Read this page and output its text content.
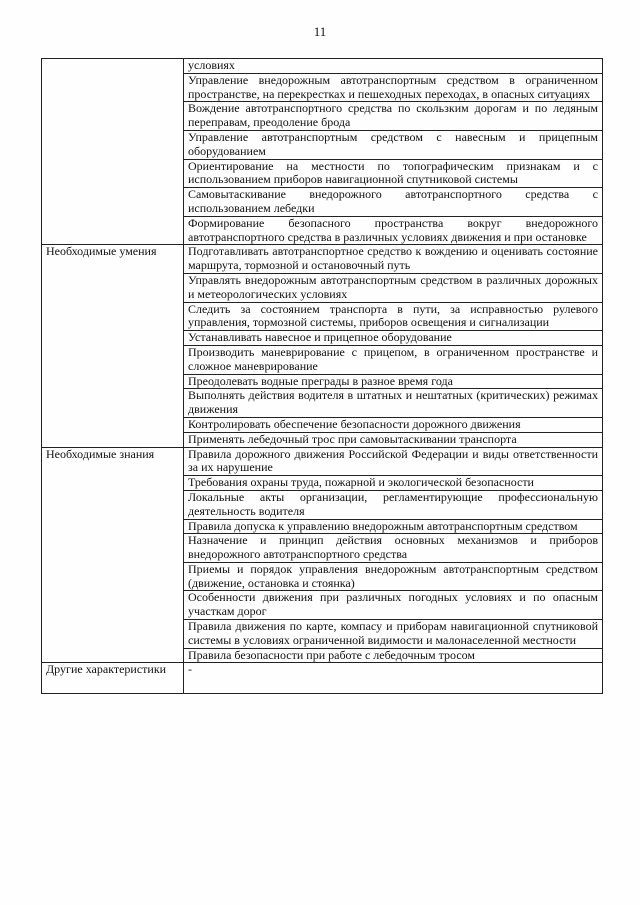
11
	условиях
	Управление внедорожным автотранспортным средством в ограниченном пространстве, на перекрестках и пешеходных переходах, в опасных ситуациях
	Вождение автотранспортного средства по скользким дорогам и по ледяным переправам, преодоление брода
	Управление автотранспортным средством с навесным и прицепным оборудованием
	Ориентирование на местности по топографическим признакам и с использованием приборов навигационной спутниковой системы
	Самовытаскивание внедорожного автотранспортного средства с использованием лебедки
	Формирование безопасного пространства вокруг внедорожного автотранспортного средства в различных условиях движения и при остановке
Необходимые умения	Подготавливать автотранспортное средство к вождению и оценивать состояние маршрута, тормозной и остановочный путь
	Управлять внедорожным автотранспортным средством в различных дорожных и метеорологических условиях
	Следить за состоянием транспорта в пути, за исправностью рулевого управления, тормозной системы, приборов освещения и сигнализации
	Устанавливать навесное и прицепное оборудование
	Производить маневрирование с прицепом, в ограниченном пространстве и сложное маневрирование
	Преодолевать водные преграды в разное время года
	Выполнять действия водителя в штатных и нештатных (критических) режимах движения
	Контролировать обеспечение безопасности дорожного движения
	Применять лебедочный трос при самовытаскивании транспорта
Необходимые знания	Правила дорожного движения Российской Федерации и виды ответственности за их нарушение
	Требования охраны труда, пожарной и экологической безопасности
	Локальные акты организации, регламентирующие профессиональную деятельность водителя
	Правила допуска к управлению внедорожным автотранспортным средством
	Назначение и принцип действия основных механизмов и приборов внедорожного автотранспортного средства
	Приемы и порядок управления внедорожным автотранспортным средством (движение, остановка и стоянка)
	Особенности движения при различных погодных условиях и по опасным участкам дорог
	Правила движения по карте, компасу и приборам навигационной спутниковой системы в условиях ограниченной видимости и малонаселенной местности
	Правила безопасности при работе с лебедочным тросом
Другие характеристики	-
